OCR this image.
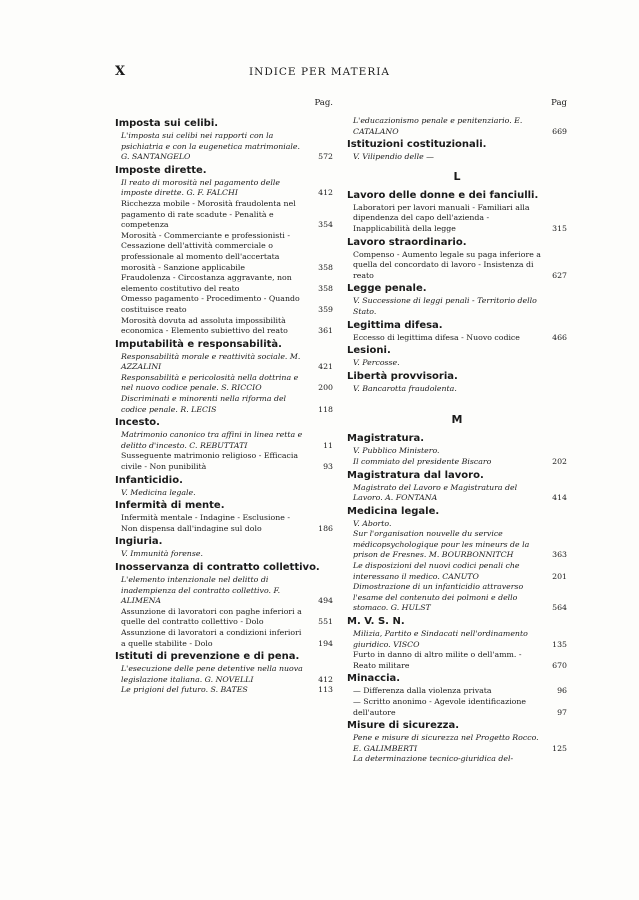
X	INDICE PER MATERIA
Pag.
Imposta sui celibi.
L'imposta sui celibi nei rapporti con la psichiatria e con la eugenetica matrimoniale. G. SANTANGELO	572
Imposte dirette.
Il reato di morosità nel pagamento delle imposte dirette. G. F. FALCHI	412
Ricchezza mobile - Morosità fraudolenta nel pagamento di rate scadute - Penalità e competenza	354
Morosità - Commerciante e professionisti - Cessazione dell'attività commerciale o professionale al momento dell'accertata morosità - Sanzione applicabile	358
Fraudolenza - Circostanza aggravante, non elemento costitutivo del reato	358
Omesso pagamento - Procedimento - Quando costituisce reato	359
Morosità dovuta ad assoluta impossibilità economica - Elemento subiettivo del reato	361
Imputabilità e responsabilità.
Responsabilità morale e reattività sociale. M. AZZALINI	421
Responsabilità e pericolosità nella dottrina e nel nuovo codice penale. S. RICCIO	200
Discriminati e minorenti nella riforma del codice penale. R. LECIS	118
Incesto.
Matrimonio canonico tra affini in linea retta e delitto d'incesto. C. REBUTTATI	11
Susseguente matrimonio religioso - Efficacia civile - Non punibilità	93
Infanticidio.
V. Medicina legale.
Infermità di mente.
Infermità mentale - Indagine - Esclusione - Non dispensa dall'indagine sul dolo	186
Ingiuria.
V. Immunità forense.
Inosservanza di contratto collettivo.
L'elemento intenzionale nel delitto di inadempienza del contratto collettivo. F. ALIMENA	494
Assunzione di lavoratori con paghe inferiori a quelle del contratto collettivo - Dolo	551
Assunzione di lavoratori a condizioni inferiori a quelle stabilite - Dolo	194
Istituti di prevenzione e di pena.
L'esecuzione delle pene detentive nella nuova legislazione italiana. G. NOVELLI	412
Le prigioni del futuro. S. BATES	113
Pag
L'educazionismo penale e penitenziario. E. CATALANO	669
Istituzioni costituzionali.
V. Vilipendio delle —
L
Lavoro delle donne e dei fanciulli.
Laboratori per lavori manuali - Familiari alla dipendenza del capo dell'azienda - Inapplicabilità della legge	315
Lavoro straordinario.
Compenso - Aumento legale su paga inferiore a quella del concordato di lavoro - Insistenza di reato	627
Legge penale.
V. Successione di leggi penali - Territorio dello Stato.
Legittima difesa.
Eccesso di legittima difesa - Nuovo codice	466
Lesioni.
V. Percosse.
Libertà provvisoria.
V. Bancarotta fraudolenta.
M
Magistratura.
V. Pubblico Ministero.
Il commiato del presidente Biscaro	202
Magistratura dal lavoro.
Magistrato del Lavoro e Magistratura del Lavoro. A. FONTANA	414
Medicina legale.
V. Aborto.
Sur l'organisation nouvelle du service médicopsychologique pour les mineurs de la prison de Fresnes. M. BOURBONNITCH	363
Le disposizioni del nuovi codici penali che interessano il medico. CANUTO	201
Dimostrazione di un infanticidio attraverso l'esame del contenuto dei polmoni e dello stomaco. G. HULST	564
M. V. S. N.
Milizia, Partito e Sindacati nell'ordinamento giuridico. VISCO	135
Furto in danno di altro milite o dell'amm. - Reato militare	670
Minaccia.
— Differenza dalla violenza privata	96
— Scritto anonimo - Agevole identificazione dell'autore	97
Misure di sicurezza.
Pene e misure di sicurezza nel Progetto Rocco. E. GALIMBERTI	125
La determinazione tecnico-giuridica del-
